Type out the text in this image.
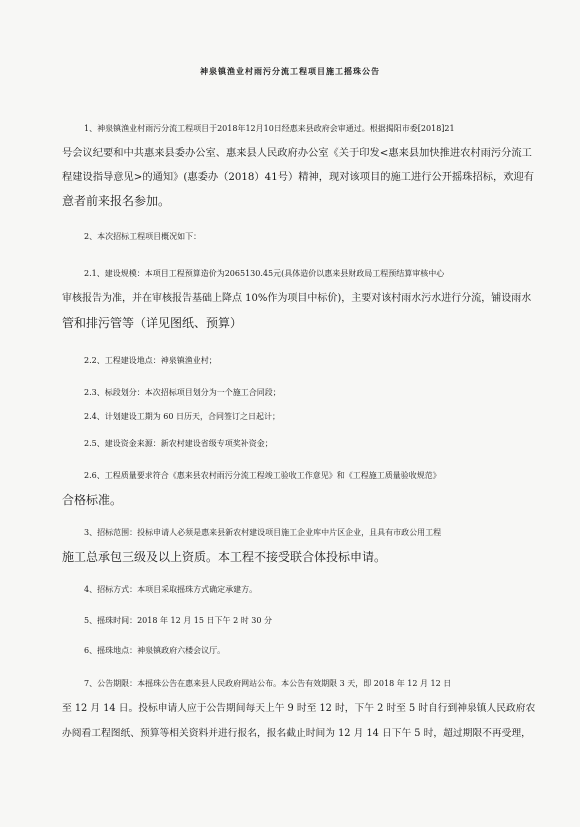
神泉镇渔业村雨污分流工程项目施工摇珠公告
1、神泉镇渔业村雨污分流工程项目于2018年12月10日经惠来县政府会审通过。根据揭阳市委[2018]21
号会议纪要和中共惠来县委办公室、惠来县人民政府办公室《关于印发<惠来县加快推进农村雨污分流工
程建设指导意见>的通知》(惠委办（2018）41号）精神，现对该项目的施工进行公开摇珠招标，欢迎有
意者前来报名参加。
2、本次招标工程项目概况如下：
2.1、建设规模：本项目工程预算造价为2065130.45元(具体造价以惠来县财政局工程预结算审核中心
审核报告为准，并在审核报告基础上降点 10%作为项目中标价)，主要对该村雨水污水进行分流，铺设雨水
管和排污管等（详见图纸、预算）
2.2、工程建设地点：神泉镇渔业村；
2.3、标段划分：本次招标项目划分为一个施工合同段；
2.4、计划建设工期为 60 日历天，合同签订之日起计；
2.5、建设资金来源：新农村建设省级专项奖补资金；
2.6、工程质量要求符合《惠来县农村雨污分流工程竣工验收工作意见》和《工程施工质量验收规范》
合格标准。
3、招标范围：投标申请人必须是惠来县新农村建设项目施工企业库中片区企业，且具有市政公用工程
施工总承包三级及以上资质。本工程不接受联合体投标申请。
4、招标方式：本项目采取摇珠方式确定承建方。
5、摇珠时间：2018 年 12 月 15 日下午 2 时 30 分
6、摇珠地点：神泉镇政府六楼会议厅。
7、公告期限：本摇珠公告在惠来县人民政府网站公布。本公告有效期限 3 天，即 2018 年 12 月 12 日
至 12 月 14 日。投标申请人应于公告期间每天上午 9 时至 12 时，下午 2 时至 5 时自行到神泉镇人民政府农
办阅看工程图纸、预算等相关资料并进行报名，报名截止时间为 12 月 14 日下午 5 时，超过期限不再受理，
